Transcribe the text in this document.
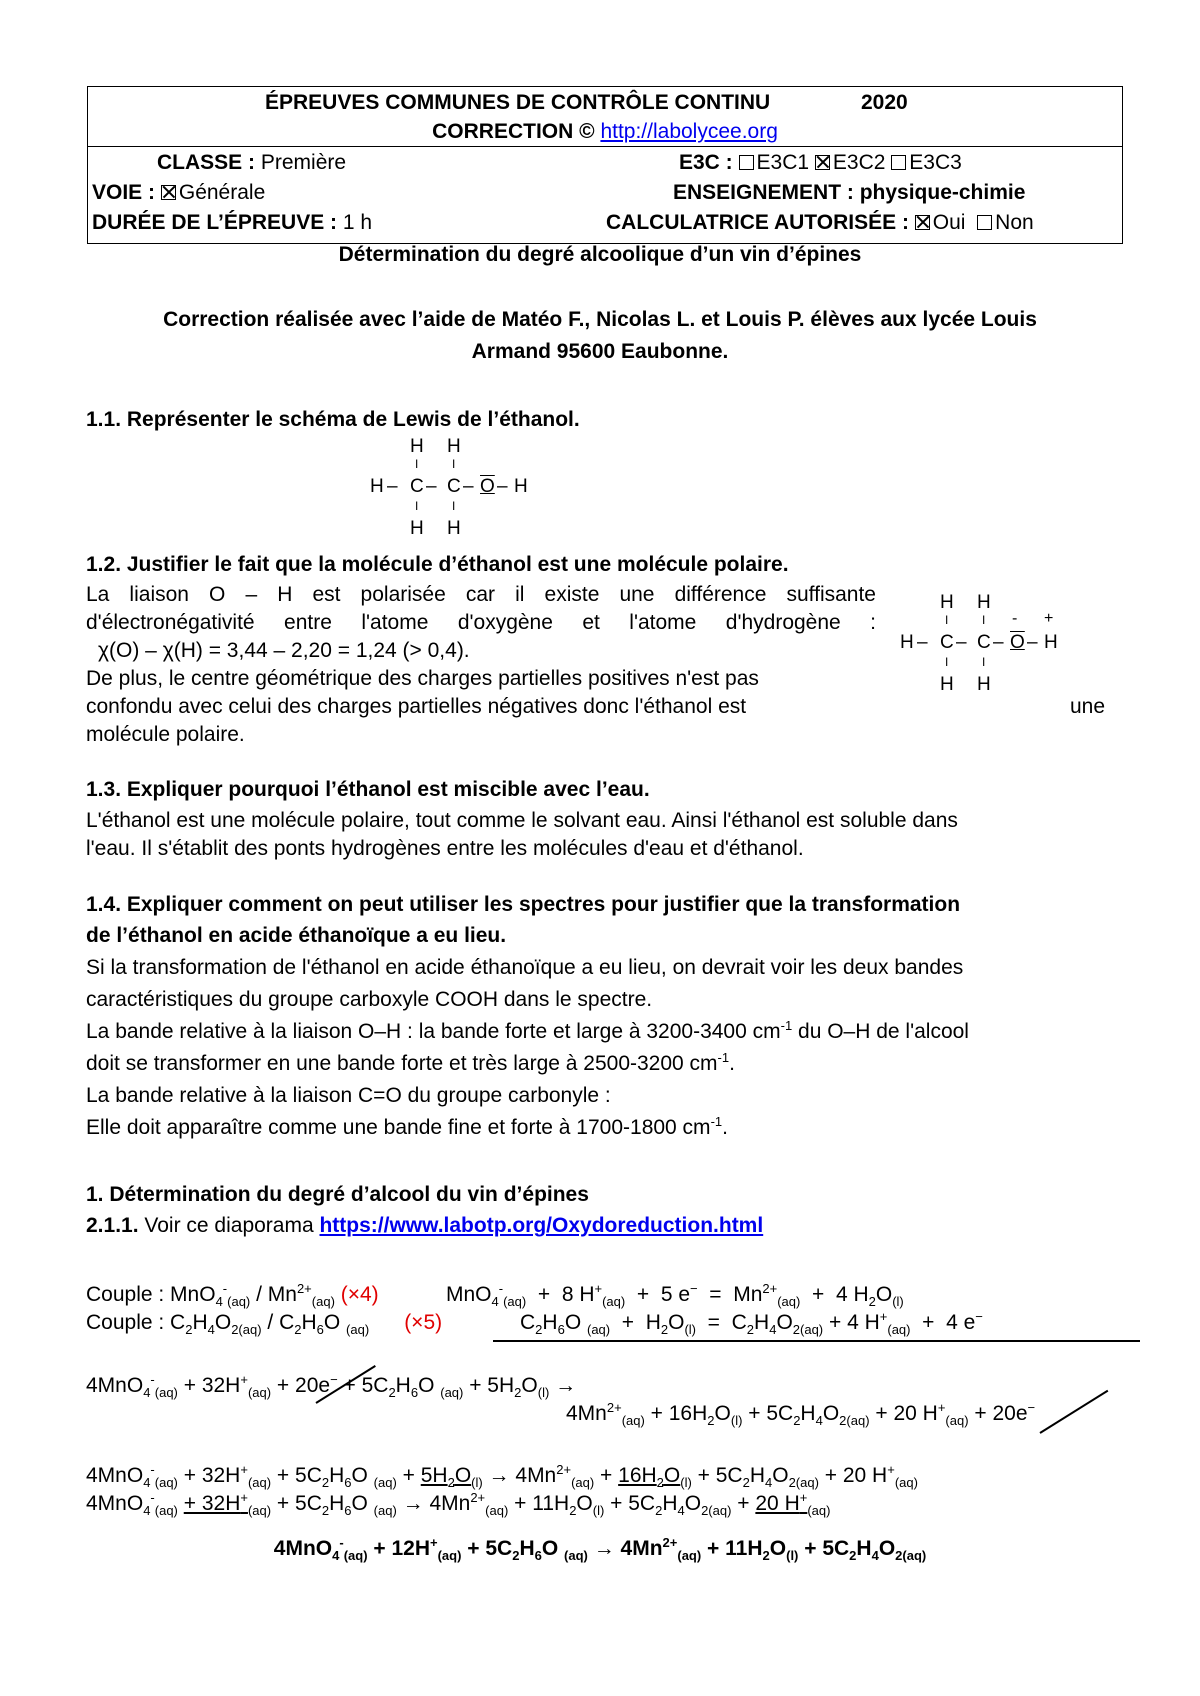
ÉPREUVES COMMUNES DE CONTRÔLE CONTINU	2020
CORRECTION © http://labolycee.org
CLASSE : Première	E3C : E3C1 E3C2 E3C3
VOIE : Générale	ENSEIGNEMENT : physique-chimie
DURÉE DE L’ÉPREUVE : 1 h	CALCULATRICE AUTORISÉE : Oui Non
Détermination du degré alcoolique d’un vin d’épines
Correction réalisée avec l’aide de Matéo F., Nicolas L. et Louis P. élèves aux lycée Louis
Armand 95600 Eaubonne.
1.1. Représenter le schéma de Lewis de l’éthanol.
H H
I	I
H – C – C – O – H
I	I
H H
1.2. Justifier le fait que la molécule d’éthanol est une molécule polaire.
La liaison O – H est polarisée car il existe une différence suffisante
d'électronégativité entre l'atome d'oxygène et l'atome d'hydrogène :
χ(O) – χ(H) = 3,44 – 2,20 = 1,24 (> 0,4).
De plus, le centre géométrique des charges partielles positives n'est pas
confondu avec celui des charges partielles négatives donc l'éthanol est	une
molécule polaire.
H H
I	I - +
H – C – C – O – H
I	I
H H
1.3. Expliquer pourquoi l’éthanol est miscible avec l’eau.
L'éthanol est une molécule polaire, tout comme le solvant eau. Ainsi l'éthanol est soluble dans
l'eau. Il s'établit des ponts hydrogènes entre les molécules d'eau et d'éthanol.
1.4. Expliquer comment on peut utiliser les spectres pour justifier que la transformation
de l’éthanol en acide éthanoïque a eu lieu.
Si la transformation de l'éthanol en acide éthanoïque a eu lieu, on devrait voir les deux bandes
caractéristiques du groupe carboxyle COOH dans le spectre.
La bande relative à la liaison O–H : la bande forte et large à 3200-3400 $cm^{-1}$ du O–H de l'alcool
doit se transformer en une bande forte et très large à 2500-3200 $cm^{-1}$.
La bande relative à la liaison C=O du groupe carbonyle :
Elle doit apparaître comme une bande fine et forte à 1700-1800 $cm^{-1}$.
1. Détermination du degré d’alcool du vin d’épines
2.1.1. Voir ce diaporama https://www.labotp.org/Oxydoreduction.html
Couple : $MnO_4^-_{(aq)} / Mn^{2+}_{(aq)}$ (×4)	MnO$_4$-$_{(aq)}$  +  8 $H^+_{(aq)} + 5$ $e^- = Mn^{2+}_{(aq)} + 4$ $H_2O_{(l)}$
Couple : $C_2H_4O_{2(aq)} / C_2H_6O$ $_{(aq)}$ (×5)	$C_2H_6O$ $_{(aq)} + H_2O_{(l)} = C_2H_4O_{2(aq)} + 4$ $H^+_{(aq)} + 4$ e−
$4MnO_4^-_{(aq)} + 32H^+_{(aq)} + 20e^- + 5C_2H_6O$ $_{(aq)} + 5H_2O_{(l)}$ →
$4Mn^{2+}_{(aq)} + 16H_2O_{(l)} + 5C_2H_4O_{2(aq)} + 20$ $H^+_{(aq)} + 20e^-$
$4MnO_4^-_{(aq)} + 32H^+_{(aq)} + 5C_2H_6O$ $_{(aq)} + 5H_2O_{(l)} \to 4Mn^{2+}_{(aq)} + 16H_2O_{(l)} + 5C_2H_4O_{2(aq)} + 20$ $H^+_{(aq)}$
$4MnO_4^-_{(aq)} + 32H^+_{(aq)} + 5C_2H_6O$ $_{(aq)} \to 4Mn^{2+}_{(aq)} + 11H_2O_{(l)} + 5C_2H_4O_{2(aq)} + 20$ $H^+_{(aq)}$
$4MnO_4^-_{(aq)} + 12H^+_{(aq)} + 5C_2H_6O$ $_{(aq)} \to 4Mn^{2+}_{(aq)} + 11H_2O_{(l)} + 5C_2H_4O_{2(aq)}$
